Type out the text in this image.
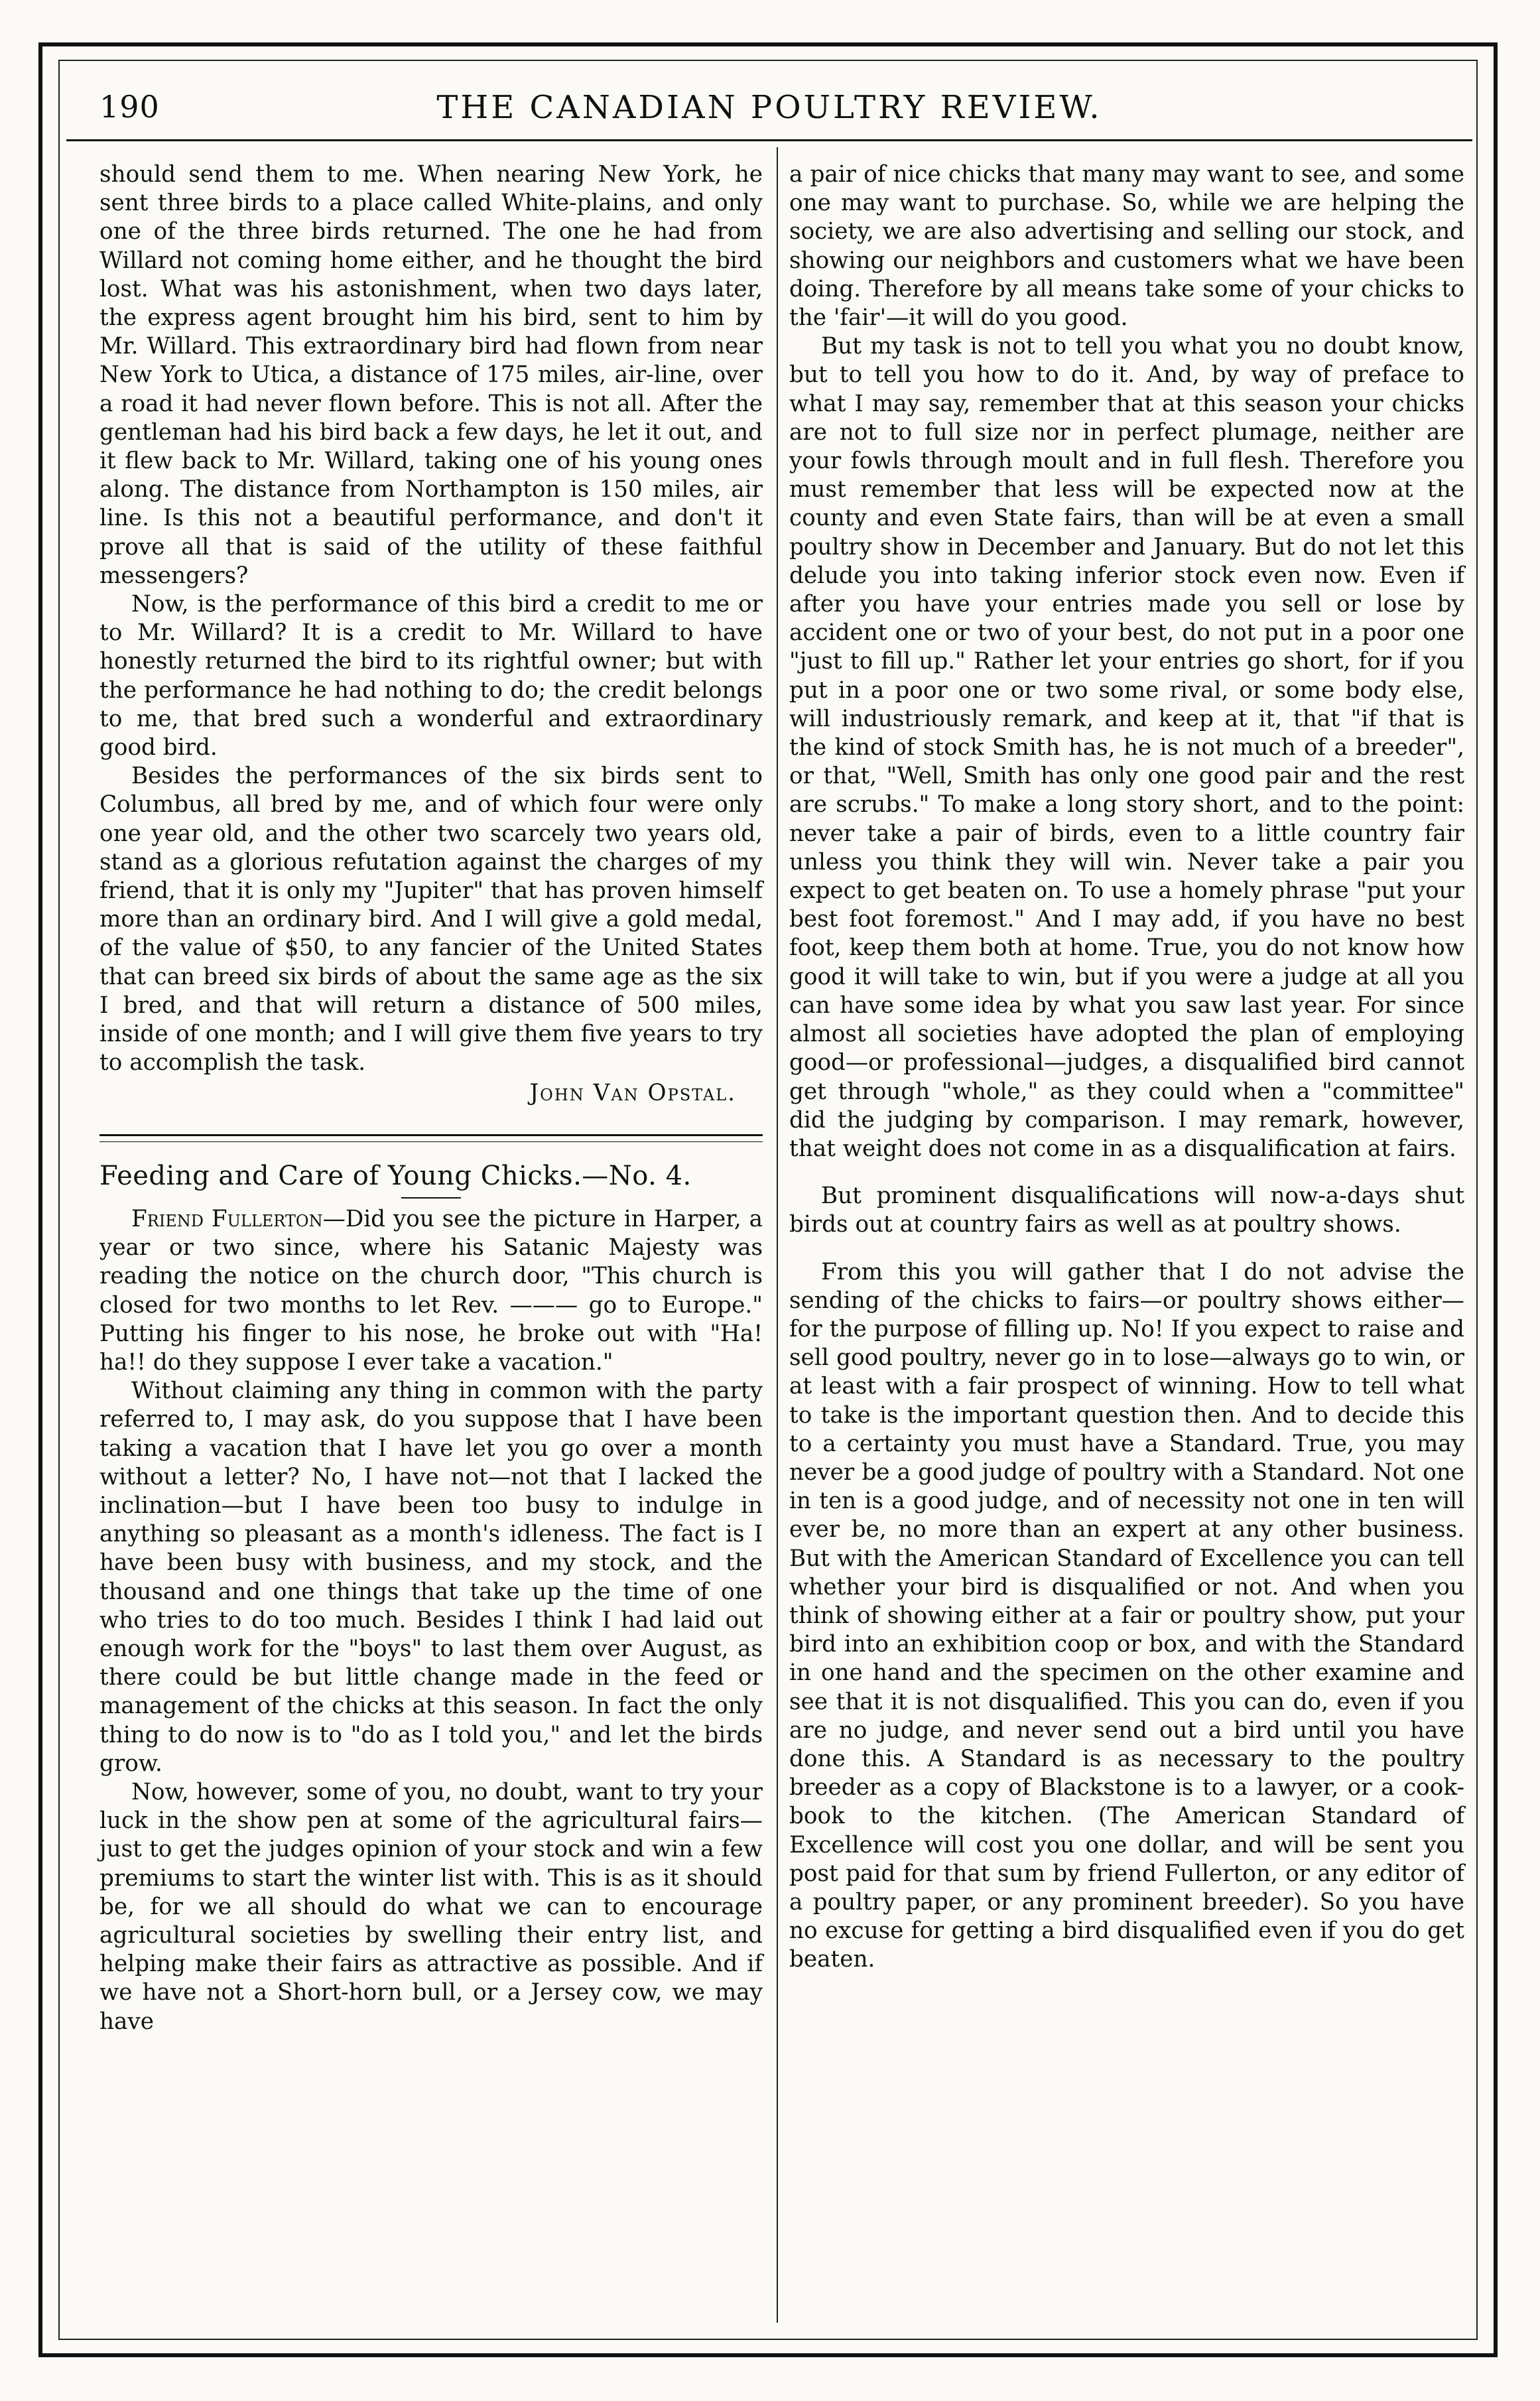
190	THE CANADIAN POULTRY REVIEW.

should send them to me. When nearing New York, he sent three birds to a place called White-plains, and only one of the three birds returned. The one he had from Willard not coming home either, and he thought the bird lost. What was his astonishment, when two days later, the express agent brought him his bird, sent to him by Mr. Willard. This extraordinary bird had flown from near New York to Utica, a distance of 175 miles, air-line, over a road it had never flown before. This is not all. After the gentleman had his bird back a few days, he let it out, and it flew back to Mr. Willard, taking one of his young ones along. The distance from Northampton is 150 miles, air line. Is this not a beautiful performance, and don't it prove all that is said of the utility of these faithful messengers?

Now, is the performance of this bird a credit to me or to Mr. Willard? It is a credit to Mr. Willard to have honestly returned the bird to its rightful owner; but with the performance he had nothing to do; the credit belongs to me, that bred such a wonderful and extraordinary good bird.

Besides the performances of the six birds sent to Columbus, all bred by me, and of which four were only one year old, and the other two scarcely two years old, stand as a glorious refutation against the charges of my friend, that it is only my "Jupiter" that has proven himself more than an ordinary bird. And I will give a gold medal, of the value of $50, to any fancier of the United States that can breed six birds of about the same age as the six I bred, and that will return a distance of 500 miles, inside of one month; and I will give them five years to try to accomplish the task.

John Van Opstal.

Feeding and Care of Young Chicks.—No. 4.

Friend Fullerton—Did you see the picture in Harper, a year or two since, where his Satanic Majesty was reading the notice on the church door, "This church is closed for two months to let Rev. ——— go to Europe." Putting his finger to his nose, he broke out with "Ha! ha!! do they suppose I ever take a vacation."

Without claiming any thing in common with the party referred to, I may ask, do you suppose that I have been taking a vacation that I have let you go over a month without a letter? No, I have not—not that I lacked the inclination—but I have been too busy to indulge in anything so pleasant as a month's idleness. The fact is I have been busy with business, and my stock, and the thousand and one things that take up the time of one who tries to do too much. Besides I think I had laid out enough work for the "boys" to last them over August, as there could be but little change made in the feed or management of the chicks at this season. In fact the only thing to do now is to "do as I told you," and let the birds grow.

Now, however, some of you, no doubt, want to try your luck in the show pen at some of the agricultural fairs—just to get the judges opinion of your stock and win a few premiums to start the winter list with. This is as it should be, for we all should do what we can to encourage agricultural societies by swelling their entry list, and helping make their fairs as attractive as possible. And if we have not a Short-horn bull, or a Jersey cow, we may have

a pair of nice chicks that many may want to see, and some one may want to purchase. So, while we are helping the society, we are also advertising and selling our stock, and showing our neighbors and customers what we have been doing. Therefore by all means take some of your chicks to the 'fair'—it will do you good.

But my task is not to tell you what you no doubt know, but to tell you how to do it. And, by way of preface to what I may say, remember that at this season your chicks are not to full size nor in perfect plumage, neither are your fowls through moult and in full flesh. Therefore you must remember that less will be expected now at the county and even State fairs, than will be at even a small poultry show in December and January. But do not let this delude you into taking inferior stock even now. Even if after you have your entries made you sell or lose by accident one or two of your best, do not put in a poor one "just to fill up." Rather let your entries go short, for if you put in a poor one or two some rival, or some body else, will industriously remark, and keep at it, that "if that is the kind of stock Smith has, he is not much of a breeder", or that, "Well, Smith has only one good pair and the rest are scrubs." To make a long story short, and to the point: never take a pair of birds, even to a little country fair unless you think they will win. Never take a pair you expect to get beaten on. To use a homely phrase "put your best foot foremost." And I may add, if you have no best foot, keep them both at home. True, you do not know how good it will take to win, but if you were a judge at all you can have some idea by what you saw last year. For since almost all societies have adopted the plan of employing good—or professional—judges, a disqualified bird cannot get through "whole," as they could when a "committee" did the judging by comparison. I may remark, however, that weight does not come in as a disqualification at fairs.

But prominent disqualifications will now-a-days shut birds out at country fairs as well as at poultry shows.

From this you will gather that I do not advise the sending of the chicks to fairs—or poultry shows either—for the purpose of filling up. No! If you expect to raise and sell good poultry, never go in to lose—always go to win, or at least with a fair prospect of winning. How to tell what to take is the important question then. And to decide this to a certainty you must have a Standard. True, you may never be a good judge of poultry with a Standard. Not one in ten is a good judge, and of necessity not one in ten will ever be, no more than an expert at any other business. But with the American Standard of Excellence you can tell whether your bird is disqualified or not. And when you think of showing either at a fair or poultry show, put your bird into an exhibition coop or box, and with the Standard in one hand and the specimen on the other examine and see that it is not disqualified. This you can do, even if you are no judge, and never send out a bird until you have done this. A Standard is as necessary to the poultry breeder as a copy of Blackstone is to a lawyer, or a cook-book to the kitchen. (The American Standard of Excellence will cost you one dollar, and will be sent you post paid for that sum by friend Fullerton, or any editor of a poultry paper, or any prominent breeder). So you have no excuse for getting a bird disqualified even if you do get beaten.
